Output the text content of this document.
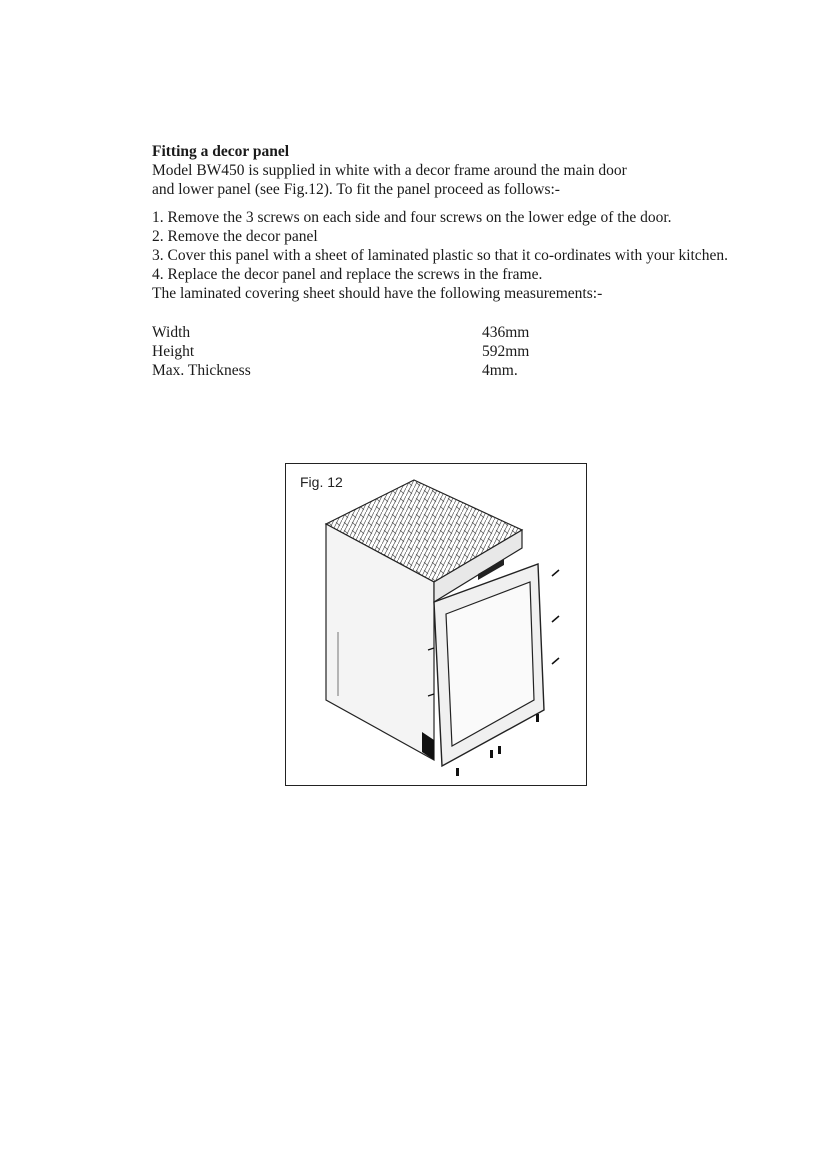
Fitting a decor panel

Model BW450 is supplied in white with a decor frame around the main door

and lower panel (see Fig.12). To fit the panel proceed as follows:-

1. Remove the 3 screws on each side and four screws on the lower edge of the door.

2. Remove the decor panel

3. Cover this panel with a sheet of laminated plastic so that it co-ordinates with your kitchen.

4. Replace the decor panel and replace the screws in the frame.

The laminated covering sheet should have the following measurements:-

Width	436mm
Height	592mm
Max. Thickness	4mm.
Fig. 12
